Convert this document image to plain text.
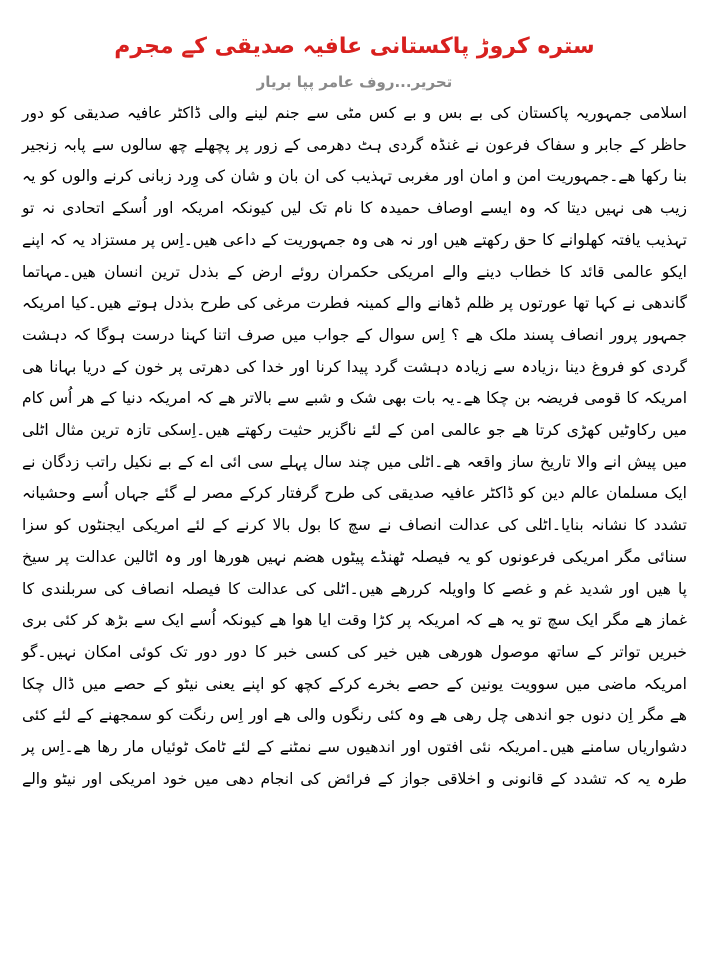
ستره کروڑ پاکستانی عافیہ صدیقی کے مجرم

تحریر...روف عامر پپا بریار

اسلامی جمہوریہ پاکستان کی بے بس و بے کس مٹی سے جنم لینے والی ڈاکٹر عافیہ صدیقی کو دور
حاظر کے جابر و سفاک فرعون نے غنڈہ گردی ہٹ دھرمی کے زور پر پچھلے چھ سالوں سے پابہ زنجیر
بنا رکھا ھے۔جمہوریت امن و امان اور مغربی تہذیب کی ان بان و شان کی وِرد زبانی کرنے والوں کو یہ
زیب ھی نہیں دیتا کہ وہ ایسے اوصاف حمیدہ کا نام تک لیں کیونکہ امریکہ اور اُسکے اتحادی نہ تو
تہذیب یافتہ کھلوانے کا حق رکھتے ھیں اور نہ ھی وہ جمہوریت کے داعی ھیں۔اِس پر مستزاد یہ کہ اپنے
ایکو عالمی قائد کا خطاب دینے والے امریکی حکمران روئے ارض کے بذدل ترین انسان ھیں۔مہاتما
گاندھی نے کہا تھا عورتوں پر ظلم ڈھانے والے کمینہ فطرت مرغی کی طرح بذدل ہوتے ھیں۔کیا امریکہ
جمہور پرور انصاف پسند ملک ھے ؟ اِس سوال کے جواب میں صرف اتنا کہنا درست ہوگا کہ دہشت
گردی کو فروغ دینا ،زیادہ سے زیادہ دہشت گرد پیدا کرنا اور خدا کی دھرتی پر خون کے دریا بہانا ھی
امریکہ کا قومی فریضہ بن چکا ھے۔یہ بات بھی شک و شبے سے بالاتر ھے کہ امریکہ دنیا کے ھر اُس کام
میں رکاوٹیں کھڑی کرتا ھے جو عالمی امن کے لئے ناگزیر حثیت رکھتے ھیں۔اِسکی تازہ ترین مثال اٹلی
میں پیش انے والا تاریخ ساز واقعہ ھے۔اٹلی میں چند سال پہلے سی ائی اے کے بے نکیل راتب زدگان نے
ایک مسلمان عالم دین کو ڈاکٹر عافیہ صدیقی کی طرح گرفتار کرکے مصر لے گئے جہاں اُسے وحشیانہ
تشدد کا نشانہ بنایا۔اٹلی کی عدالت انصاف نے سچ کا بول بالا کرنے کے لئے امریکی ایجنٹوں کو سزا
سنائی مگر امریکی فرعونوں کو یہ فیصلہ ٹھنڈے پیٹوں ھضم نہیں ھورھا اور وہ اٹالین عدالت پر سیخ
پا ھیں اور شدید غم و غصے کا واویلہ کررھے ھیں۔اٹلی کی عدالت کا فیصلہ انصاف کی سربلندی کا
غماز ھے مگر ایک سچ تو یہ ھے کہ امریکہ پر کڑا وقت ایا ھوا ھے کیونکہ اُسے ایک سے بڑھ کر کئی بری
خبریں تواتر کے ساتھ موصول ھورھی ھیں خیر کی کسی خبر کا دور دور تک کوئی امکان نہیں۔گو
امریکہ ماضی میں سوویت یونین کے حصے بخرے کرکے کچھ کو اپنے یعنی نیٹو کے حصے میں ڈال چکا
ھے مگر اِن دنوں جو اندھی چل رھی ھے وہ کئی رنگوں والی ھے اور اِس رنگت کو سمجھنے کے لئے کئی
دشواریاں سامنے ھیں۔امریکہ نئی افتوں اور اندھیوں سے نمٹنے کے لئے ٹامک ٹوئیاں مار رھا ھے۔اِس پر
طرہ یہ کہ تشدد کے قانونی و اخلاقی جواز کے فرائض کی انجام دھی میں خود امریکی اور نیٹو والے
